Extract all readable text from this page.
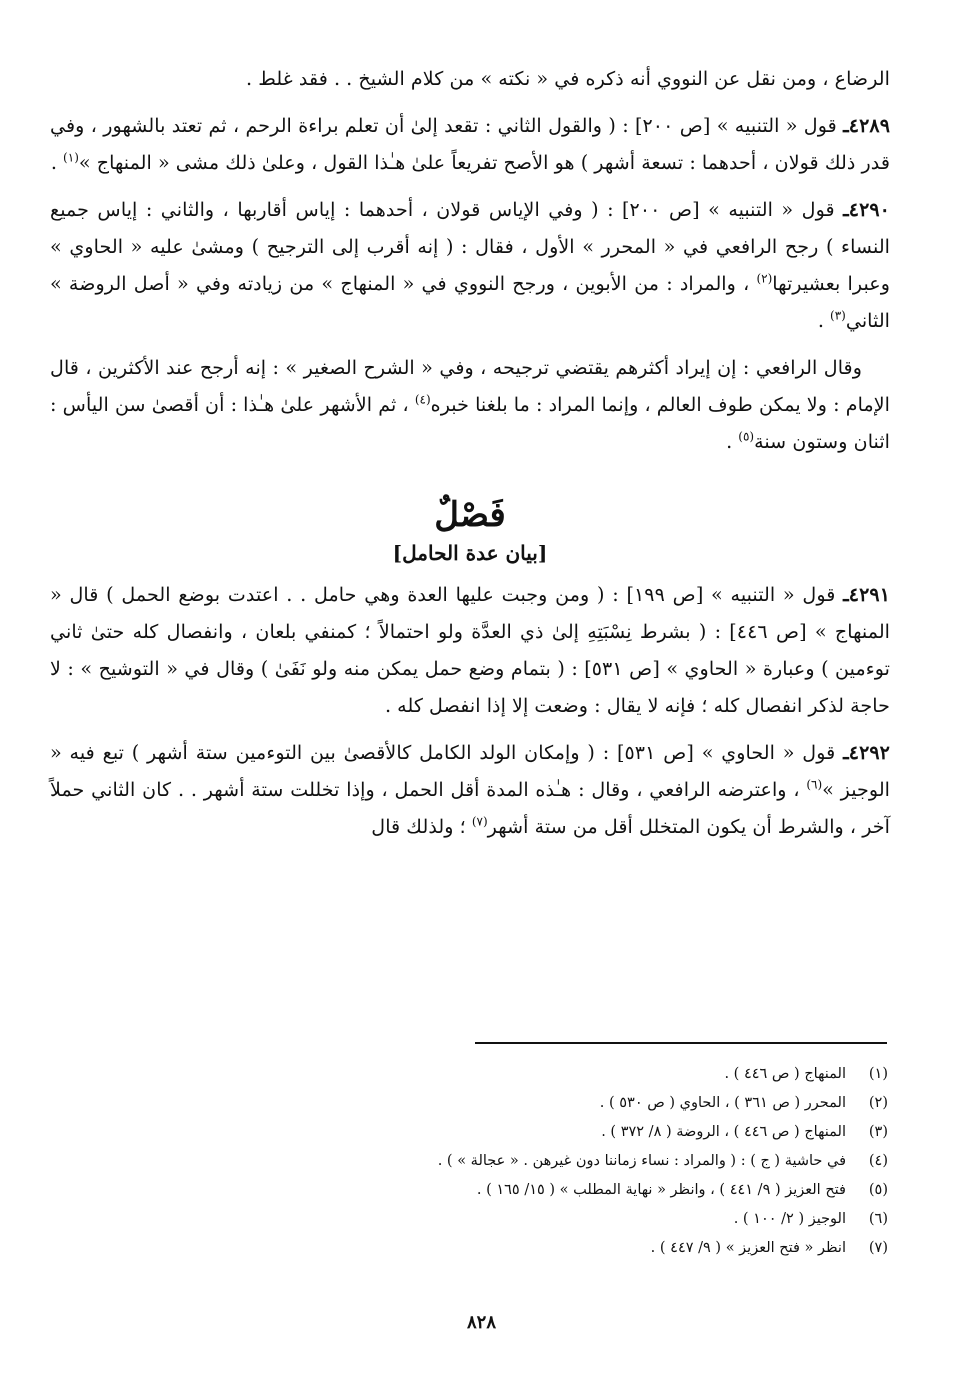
الرضاع ، ومن نقل عن النووي أنه ذكره في « نكته » من كلام الشيخ . . فقد غلط .

٤٢٨٩ـ قول « التنبيه » [ص ٢٠٠] : ( والقول الثاني : تقعد إلىٰ أن تعلم براءة الرحم ، ثم تعتد بالشهور ، وفي قدر ذلك قولان ، أحدهما : تسعة أشهر ) هو الأصح تفريعاً علىٰ هـٰذا القول ، وعلىٰ ذلك مشى « المنهاج »$^{(١)}$ .

٤٢٩٠ـ قول « التنبيه » [ص ٢٠٠] : ( وفي الإياس قولان ، أحدهما : إياس أقاربها ، والثاني : إياس جميع النساء ) رجح الرافعي في « المحرر » الأول ، فقال : ( إنه أقرب إلى الترجيح ) ومشىٰ عليه « الحاوي » وعبرا بعشيرتها$^{(٢)}$ ، والمراد : من الأبوين ، ورجح النووي في « المنهاج » من زيادته وفي « أصل الروضة » الثاني$^{(٣)}$ .

وقال الرافعي : إن إيراد أكثرهم يقتضي ترجيحه ، وفي « الشرح الصغير » : إنه أرجح عند الأكثرين ، قال الإمام : ولا يمكن طوف العالم ، وإنما المراد : ما بلغنا خبره$^{(٤)}$ ، ثم الأشهر علىٰ هـٰذا : أن أقصىٰ سن اليأس : اثنان وستون سنة$^{(٥)}$ .

فَصْلٌ
[بيان عدة الحامل]

٤٢٩١ـ قول « التنبيه » [ص ١٩٩] : ( ومن وجبت عليها العدة وهي حامل . . اعتدت بوضع الحمل ) قال « المنهاج » [ص ٤٤٦] : ( بشرط نِسْبَتِهِ إلىٰ ذي العدَّة ولو احتمالاً ؛ كمنفي بلعان ، وانفصال كله حتىٰ ثاني توءمين ) وعبارة « الحاوي » [ص ٥٣١] : ( بتمام وضع حمل يمكن منه ولو نَفَىٰ ) وقال في « التوشيح » : لا حاجة لذكر انفصال كله ؛ فإنه لا يقال : وضعت إلا إذا انفصل كله .

٤٢٩٢ـ قول « الحاوي » [ص ٥٣١] : ( وإمكان الولد الكامل كالأقصىٰ بين التوءمين ستة أشهر ) تبع فيه « الوجيز »$^{(٦)}$ ، واعترضه الرافعي ، وقال : هـٰذه المدة أقل الحمل ، وإذا تخللت ستة أشهر . . كان الثاني حملاً آخر ، والشرط أن يكون المتخلل أقل من ستة أشهر$^{(٧)}$ ؛ ولذلك قال

(١)
المنهاج ( ص ٤٤٦ ) .
(٢)
المحرر ( ص ٣٦١ ) ، الحاوي ( ص ٥٣٠ ) .
(٣)
المنهاج ( ص ٤٤٦ ) ، الروضة ( ٨/ ٣٧٢ ) .
(٤)
في حاشية ( ج ) : ( والمراد : نساء زماننا دون غيرهن . « عجالة » ) .
(٥)
فتح العزيز ( ٩/ ٤٤١ ) ، وانظر « نهاية المطلب » ( ١٥/ ١٦٥ ) .
(٦)
الوجيز ( ٢/ ١٠٠ ) .
(٧)
انظر « فتح العزيز » ( ٩/ ٤٤٧ ) .
٨٢٨
